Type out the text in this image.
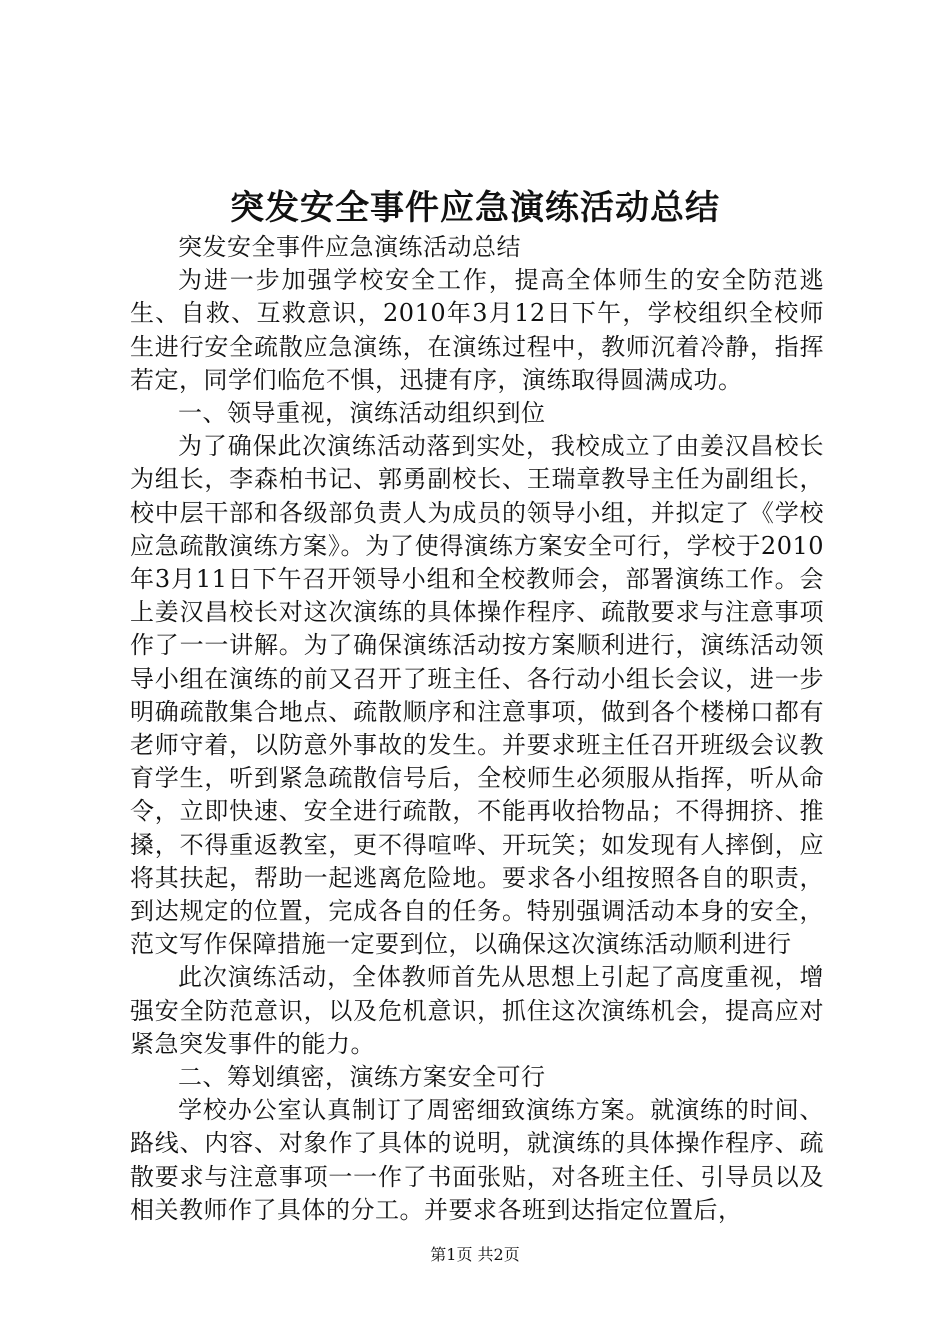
突发安全事件应急演练活动总结

突发安全事件应急演练活动总结

为进一步加强学校安全工作，提高全体师生的安全防范逃生、自救、互救意识，2010年3月12日下午，学校组织全校师生进行安全疏散应急演练，在演练过程中，教师沉着冷静，指挥若定，同学们临危不惧，迅捷有序，演练取得圆满成功。

一、领导重视，演练活动组织到位

为了确保此次演练活动落到实处，我校成立了由姜汉昌校长为组长，李森柏书记、郭勇副校长、王瑞章教导主任为副组长，校中层干部和各级部负责人为成员的领导小组，并拟定了《学校应急疏散演练方案》。为了使得演练方案安全可行，学校于2010年3月11日下午召开领导小组和全校教师会，部署演练工作。会上姜汉昌校长对这次演练的具体操作程序、疏散要求与注意事项作了一一讲解。为了确保演练活动按方案顺利进行，演练活动领导小组在演练的前又召开了班主任、各行动小组长会议，进一步明确疏散集合地点、疏散顺序和注意事项，做到各个楼梯口都有老师守着，以防意外事故的发生。并要求班主任召开班级会议教育学生，听到紧急疏散信号后，全校师生必须服从指挥，听从命令，立即快速、安全进行疏散，不能再收拾物品；不得拥挤、推搡，不得重返教室，更不得喧哗、开玩笑；如发现有人摔倒，应将其扶起，帮助一起逃离危险地。要求各小组按照各自的职责，到达规定的位置，完成各自的任务。特别强调活动本身的安全，范文写作保障措施一定要到位，以确保这次演练活动顺利进行

此次演练活动，全体教师首先从思想上引起了高度重视，增强安全防范意识，以及危机意识，抓住这次演练机会，提高应对紧急突发事件的能力。

二、筹划缜密，演练方案安全可行

学校办公室认真制订了周密细致演练方案。就演练的时间、路线、内容、对象作了具体的说明，就演练的具体操作程序、疏散要求与注意事项一一作了书面张贴，对各班主任、引导员以及相关教师作了具体的分工。并要求各班到达指定位置后，

第1页 共2页
